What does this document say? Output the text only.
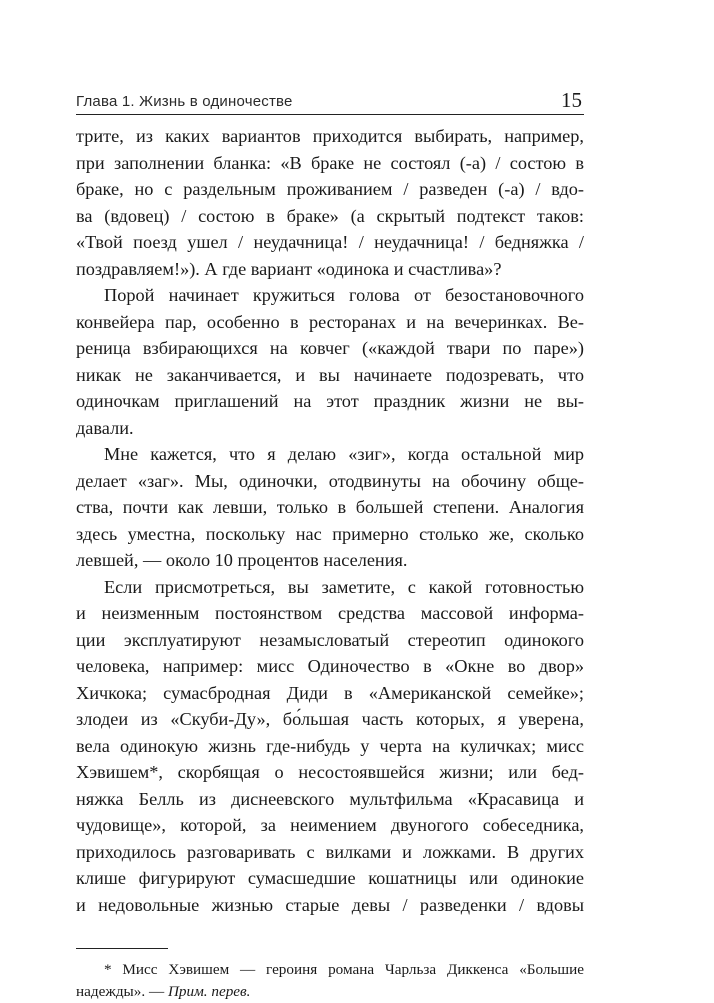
Глава 1. Жизнь в одиночестве	15
трите, из каких вариантов приходится выбирать, например,
при заполнении бланка: «В браке не состоял (-а) / состою в
браке, но с раздельным проживанием / разведен (-а) / вдо-
ва (вдовец) / состою в браке» (а скрытый подтекст таков:
«Твой поезд ушел / неудачница! / неудачница! / бедняжка /
поздравляем!»). А где вариант «одинока и счастлива»?
Порой начинает кружиться голова от безостановочного
конвейера пар, особенно в ресторанах и на вечеринках. Ве-
реница взбирающихся на ковчег («каждой твари по паре»)
никак не заканчивается, и вы начинаете подозревать, что
одиночкам приглашений на этот праздник жизни не вы-
давали.
Мне кажется, что я делаю «зиг», когда остальной мир
делает «заг». Мы, одиночки, отодвинуты на обочину обще-
ства, почти как левши, только в большей степени. Аналогия
здесь уместна, поскольку нас примерно столько же, сколько
левшей, — около 10 процентов населения.
Если присмотреться, вы заметите, с какой готовностью
и неизменным постоянством средства массовой информа-
ции эксплуатируют незамысловатый стереотип одинокого
человека, например: мисс Одиночество в «Окне во двор»
Хичкока; сумасбродная Диди в «Американской семейке»;
злодеи из «Скуби-Ду», бо́льшая часть которых, я уверена,
вела одинокую жизнь где-нибудь у черта на куличках; мисс
Хэвишем*, скорбящая о несостоявшейся жизни; или бед-
няжка Белль из диснеевского мультфильма «Красавица и
чудовище», которой, за неимением двуногого собеседника,
приходилось разговаривать с вилками и ложками. В других
клише фигурируют сумасшедшие кошатницы или одинокие
и недовольные жизнью старые девы / разведенки / вдовы
* Мисс Хэвишем — героиня романа Чарльза Диккенса «Большие
надежды». — Прим. перев.
